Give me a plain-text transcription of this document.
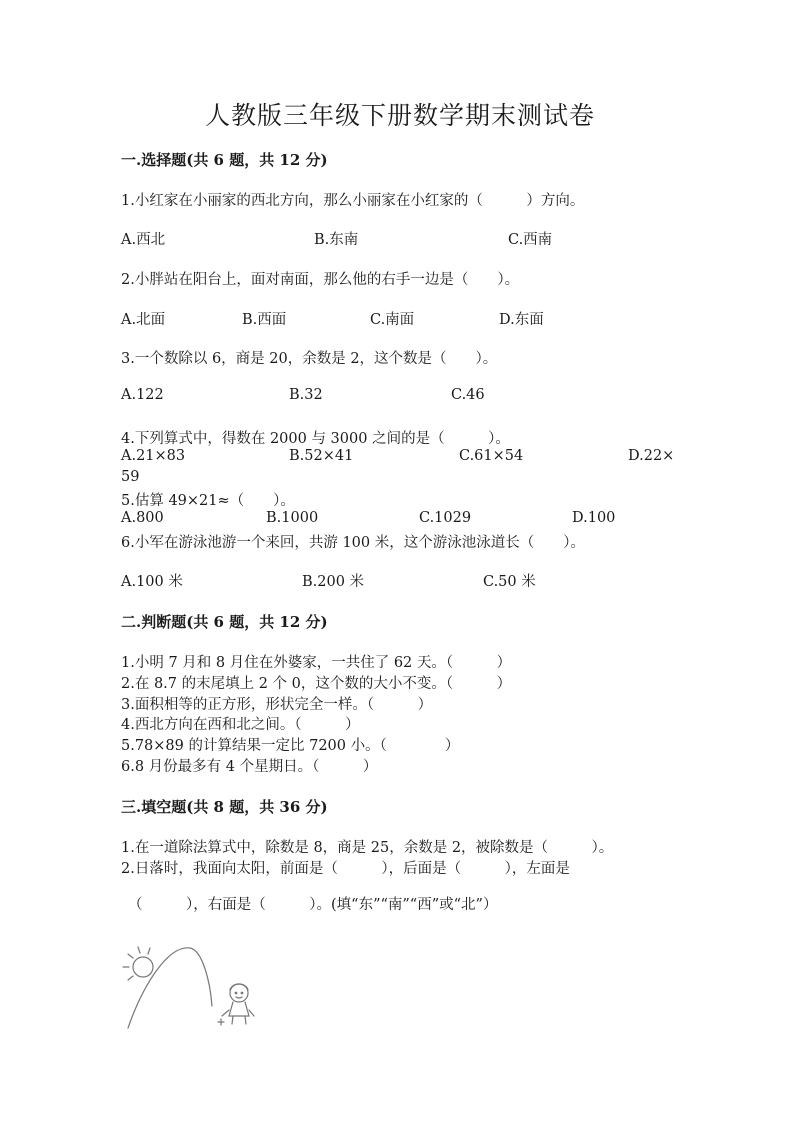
人教版三年级下册数学期末测试卷
一.选择题(共 6 题，共 12 分)
1.小红家在小丽家的西北方向，那么小丽家在小红家的（　　　）方向。
A.西北	B.东南	C.西南
2.小胖站在阳台上，面对南面，那么他的右手一边是（　　）。
A.北面	B.西面	C.南面	D.东面
3.一个数除以 6，商是 20，余数是 2，这个数是（　　）。
A.122	B.32	C.46
4.下列算式中，得数在 2000 与 3000 之间的是（　　　）。
A.21×83	B.52×41	C.61×54	D.22×
59
5.估算 49×21≈（　　）。
A.800	B.1000	C.1029	D.100
6.小军在游泳池游一个来回，共游 100 米，这个游泳池泳道长（　　）。
A.100 米	B.200 米	C.50 米
二.判断题(共 6 题，共 12 分)
1.小明 7 月和 8 月住在外婆家，一共住了 62 天。（　　　）
2.在 8.7 的末尾填上 2 个 0，这个数的大小不变。（　　　）
3.面积相等的正方形，形状完全一样。（　　　）
4.西北方向在西和北之间。（　　　）
5.78×89 的计算结果一定比 7200 小。（　　　　）
6.8 月份最多有 4 个星期日。（　　　）
三.填空题(共 8 题，共 36 分)
1.在一道除法算式中，除数是 8，商是 25，余数是 2，被除数是（　　　）。
2.日落时，我面向太阳，前面是（　　　），后面是（　　　），左面是
（　　　），右面是（　　　）。(填“东”“南”“西”或“北”）
